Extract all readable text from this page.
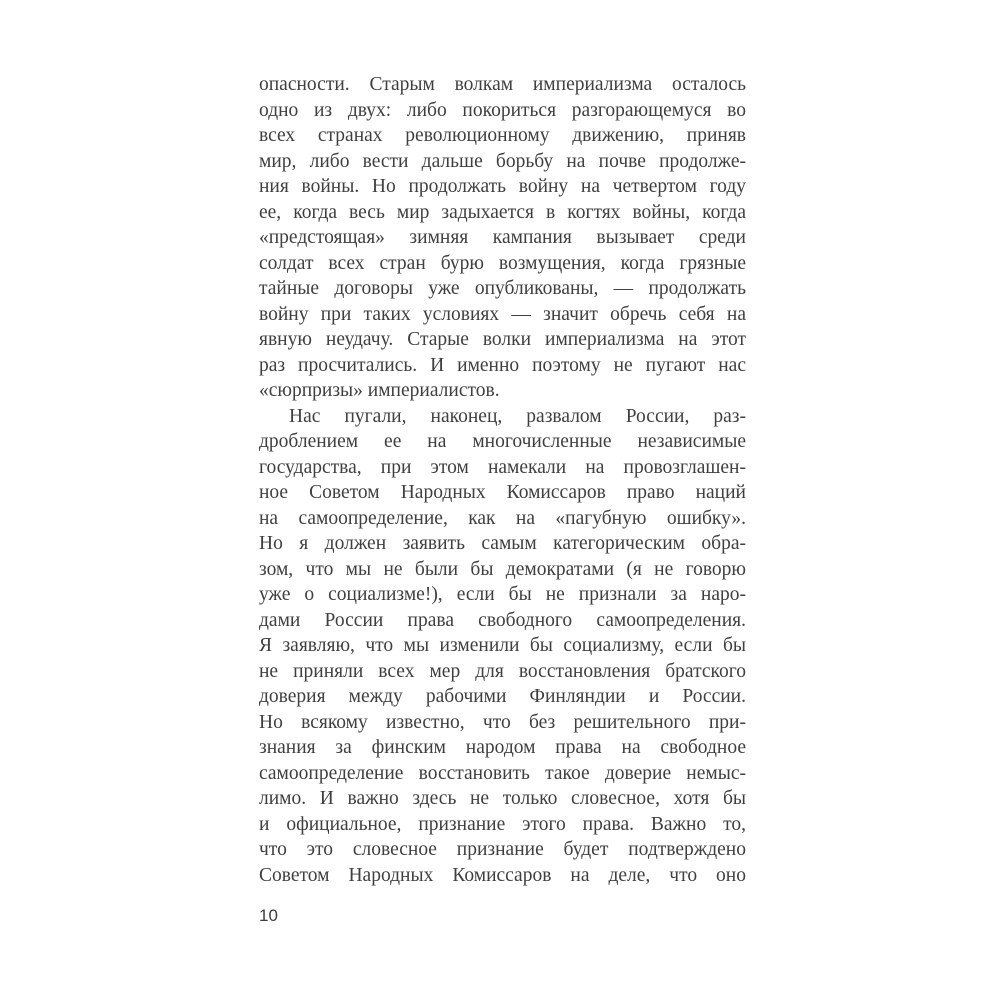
опасности. Старым волкам империализма осталось
одно из двух: либо покориться разгорающемуся во
всех странах революционному движению, приняв
мир, либо вести дальше борьбу на почве продолже-
ния войны. Но продолжать войну на четвертом году
ее, когда весь мир задыхается в когтях войны, когда
«предстоящая» зимняя кампания вызывает среди
солдат всех стран бурю возмущения, когда грязные
тайные договоры уже опубликованы, — продолжать
войну при таких условиях — значит обречь себя на
явную неудачу. Старые волки империализма на этот
раз просчитались. И именно поэтому не пугают нас
«сюрпризы» империалистов.
Нас пугали, наконец, развалом России, раз-
дроблением ее на многочисленные независимые
государства, при этом намекали на провозглашен-
ное Советом Народных Комиссаров право наций
на самоопределение, как на «пагубную ошибку».
Но я должен заявить самым категорическим обра-
зом, что мы не были бы демократами (я не говорю
уже о социализме!), если бы не признали за наро-
дами России права свободного самоопределения.
Я заявляю, что мы изменили бы социализму, если бы
не приняли всех мер для восстановления братского
доверия между рабочими Финляндии и России.
Но всякому известно, что без решительного при-
знания за финским народом права на свободное
самоопределение восстановить такое доверие немыс-
лимо. И важно здесь не только словесное, хотя бы
и официальное, признание этого права. Важно то,
что это словесное признание будет подтверждено
Советом Народных Комиссаров на деле, что оно
10
